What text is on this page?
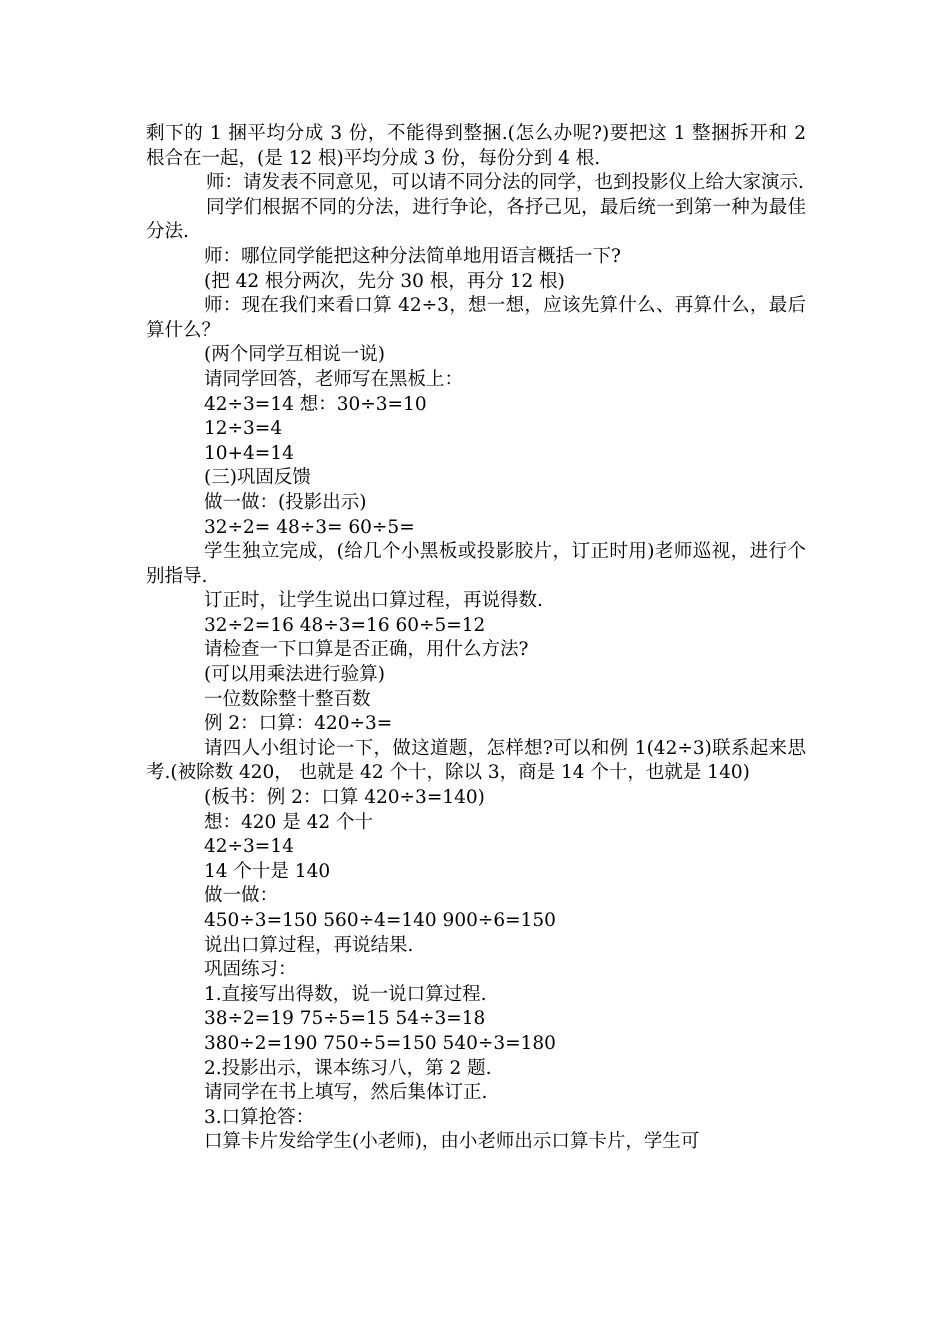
剩下的 1 捆平均分成 3 份，不能得到整捆.(怎么办呢?)要把这 1 整捆拆开和 2 根合在一起，(是 12 根)平均分成 3 份，每份分到 4 根.

师：请发表不同意见，可以请不同分法的同学，也到投影仪上给大家演示.

同学们根据不同的分法，进行争论，各抒己见，最后统一到第一种为最佳分法.

师：哪位同学能把这种分法简单地用语言概括一下?

(把 42 根分两次，先分 30 根，再分 12 根)

师：现在我们来看口算 42÷3，想一想，应该先算什么、再算什么，最后算什么？

(两个同学互相说一说)

请同学回答，老师写在黑板上：

42÷3=14 想：30÷3=10

12÷3=4

10+4=14

(三)巩固反馈

做一做：(投影出示)

32÷2= 48÷3= 60÷5=

学生独立完成，(给几个小黑板或投影胶片，订正时用)老师巡视，进行个别指导.

订正时，让学生说出口算过程，再说得数.

32÷2=16 48÷3=16 60÷5=12

请检查一下口算是否正确，用什么方法?

(可以用乘法进行验算)

一位数除整十整百数

例 2：口算：420÷3=

请四人小组讨论一下，做这道题，怎样想?可以和例 1(42÷3)联系起来思考.(被除数 420， 也就是 42 个十，除以 3，商是 14 个十，也就是 140)

(板书：例 2：口算 420÷3=140)

想：420 是 42 个十

42÷3=14

14 个十是 140

做一做：

450÷3=150 560÷4=140 900÷6=150

说出口算过程，再说结果.

巩固练习：

1.直接写出得数，说一说口算过程.

38÷2=19 75÷5=15 54÷3=18

380÷2=190 750÷5=150 540÷3=180

2.投影出示，课本练习八，第 2 题.

请同学在书上填写，然后集体订正.

3.口算抢答：

口算卡片发给学生(小老师)，由小老师出示口算卡片，学生可
